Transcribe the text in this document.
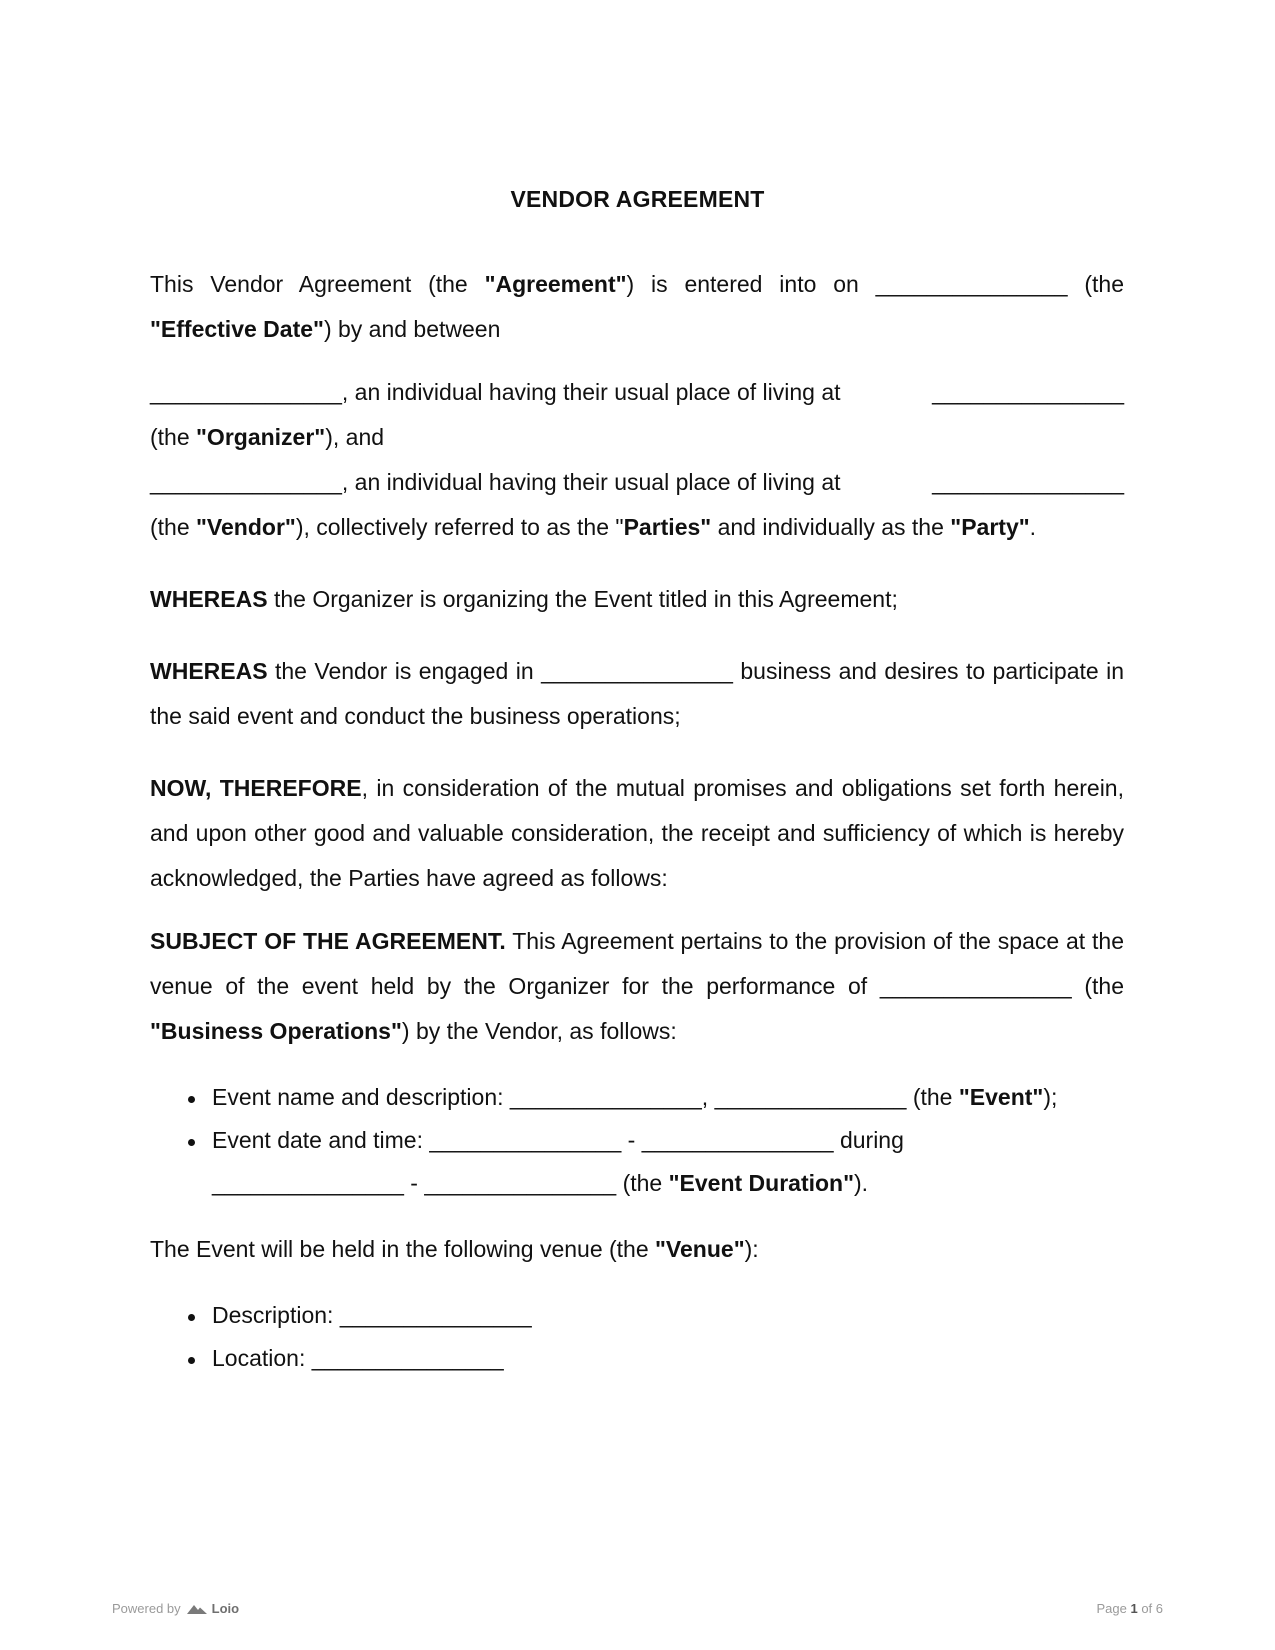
VENDOR AGREEMENT

This Vendor Agreement (the "Agreement") is entered into on _______________ (the "Effective Date") by and between

_______________, an individual having their usual place of living at	_______________

(the "Organizer"), and

_______________, an individual having their usual place of living at	_______________

(the "Vendor"), collectively referred to as the "Parties" and individually as the "Party".

WHEREAS the Organizer is organizing the Event titled in this Agreement;

WHEREAS the Vendor is engaged in _______________ business and desires to participate in the said event and conduct the business operations;

NOW, THEREFORE, in consideration of the mutual promises and obligations set forth herein, and upon other good and valuable consideration, the receipt and sufficiency of which is hereby acknowledged, the Parties have agreed as follows:

SUBJECT OF THE AGREEMENT. This Agreement pertains to the provision of the space at the venue of the event held by the Organizer for the performance of _______________ (the "Business Operations") by the Vendor, as follows:

Event name and description: _______________, _______________ (the "Event");
Event date and time: _______________ - _______________ during
_______________ - _______________ (the "Event Duration").

The Event will be held in the following venue (the "Venue"):

Description: _______________
Location: _______________
Powered by Loio	Page 1 of 6
